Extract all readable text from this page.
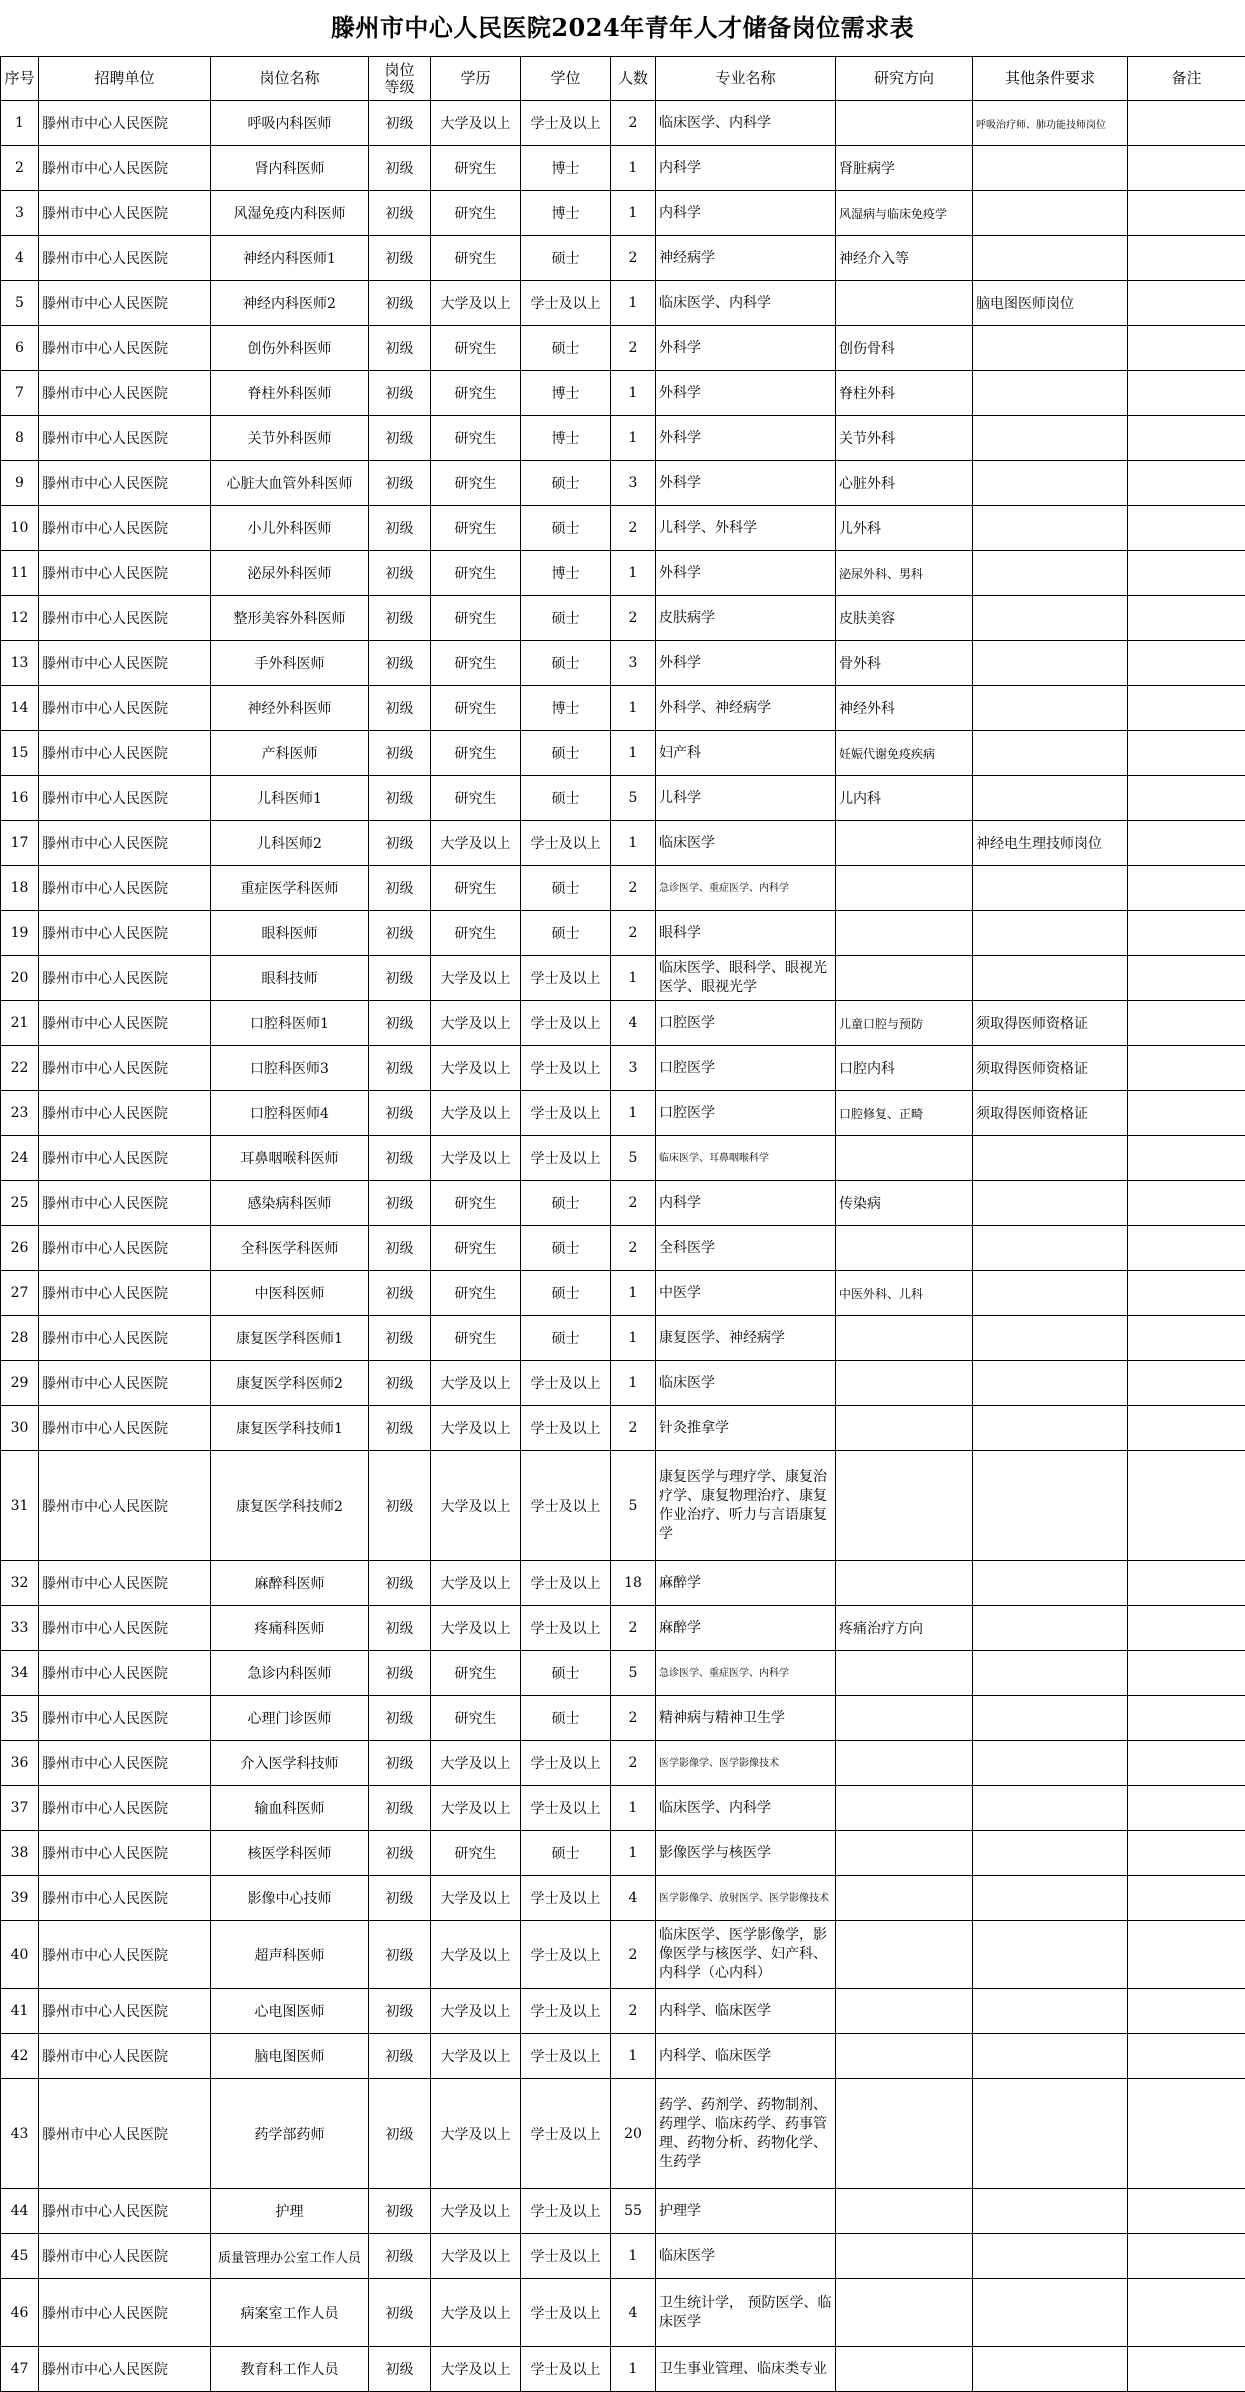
滕州市中心人民医院2024年青年人才储备岗位需求表
序号	招聘单位	岗位名称	岗位等级	学历	学位	人数	专业名称	研究方向	其他条件要求	备注
1	滕州市中心人民医院	呼吸内科医师	初级	大学及以上	学士及以上	2	临床医学、内科学		呼吸治疗师、肺功能技师岗位	
2	滕州市中心人民医院	肾内科医师	初级	研究生	博士	1	内科学	肾脏病学		
3	滕州市中心人民医院	风湿免疫内科医师	初级	研究生	博士	1	内科学	风湿病与临床免疫学		
4	滕州市中心人民医院	神经内科医师1	初级	研究生	硕士	2	神经病学	神经介入等		
5	滕州市中心人民医院	神经内科医师2	初级	大学及以上	学士及以上	1	临床医学、内科学		脑电图医师岗位	
6	滕州市中心人民医院	创伤外科医师	初级	研究生	硕士	2	外科学	创伤骨科		
7	滕州市中心人民医院	脊柱外科医师	初级	研究生	博士	1	外科学	脊柱外科		
8	滕州市中心人民医院	关节外科医师	初级	研究生	博士	1	外科学	关节外科		
9	滕州市中心人民医院	心脏大血管外科医师	初级	研究生	硕士	3	外科学	心脏外科		
10	滕州市中心人民医院	小儿外科医师	初级	研究生	硕士	2	儿科学、外科学	儿外科		
11	滕州市中心人民医院	泌尿外科医师	初级	研究生	博士	1	外科学	泌尿外科、男科		
12	滕州市中心人民医院	整形美容外科医师	初级	研究生	硕士	2	皮肤病学	皮肤美容		
13	滕州市中心人民医院	手外科医师	初级	研究生	硕士	3	外科学	骨外科		
14	滕州市中心人民医院	神经外科医师	初级	研究生	博士	1	外科学、神经病学	神经外科		
15	滕州市中心人民医院	产科医师	初级	研究生	硕士	1	妇产科	妊娠代谢免疫疾病		
16	滕州市中心人民医院	儿科医师1	初级	研究生	硕士	5	儿科学	儿内科		
17	滕州市中心人民医院	儿科医师2	初级	大学及以上	学士及以上	1	临床医学		神经电生理技师岗位	
18	滕州市中心人民医院	重症医学科医师	初级	研究生	硕士	2	急诊医学、重症医学、内科学			
19	滕州市中心人民医院	眼科医师	初级	研究生	硕士	2	眼科学			
20	滕州市中心人民医院	眼科技师	初级	大学及以上	学士及以上	1	临床医学、眼科学、眼视光医学、眼视光学			
21	滕州市中心人民医院	口腔科医师1	初级	大学及以上	学士及以上	4	口腔医学	儿童口腔与预防	须取得医师资格证	
22	滕州市中心人民医院	口腔科医师3	初级	大学及以上	学士及以上	3	口腔医学	口腔内科	须取得医师资格证	
23	滕州市中心人民医院	口腔科医师4	初级	大学及以上	学士及以上	1	口腔医学	口腔修复、正畸	须取得医师资格证	
24	滕州市中心人民医院	耳鼻咽喉科医师	初级	大学及以上	学士及以上	5	临床医学、耳鼻咽喉科学			
25	滕州市中心人民医院	感染病科医师	初级	研究生	硕士	2	内科学	传染病		
26	滕州市中心人民医院	全科医学科医师	初级	研究生	硕士	2	全科医学			
27	滕州市中心人民医院	中医科医师	初级	研究生	硕士	1	中医学	中医外科、儿科		
28	滕州市中心人民医院	康复医学科医师1	初级	研究生	硕士	1	康复医学、神经病学			
29	滕州市中心人民医院	康复医学科医师2	初级	大学及以上	学士及以上	1	临床医学			
30	滕州市中心人民医院	康复医学科技师1	初级	大学及以上	学士及以上	2	针灸推拿学			
31	滕州市中心人民医院	康复医学科技师2	初级	大学及以上	学士及以上	5	康复医学与理疗学、康复治疗学、康复物理治疗、康复作业治疗、听力与言语康复学			
32	滕州市中心人民医院	麻醉科医师	初级	大学及以上	学士及以上	18	麻醉学			
33	滕州市中心人民医院	疼痛科医师	初级	大学及以上	学士及以上	2	麻醉学	疼痛治疗方向		
34	滕州市中心人民医院	急诊内科医师	初级	研究生	硕士	5	急诊医学、重症医学、内科学			
35	滕州市中心人民医院	心理门诊医师	初级	研究生	硕士	2	精神病与精神卫生学			
36	滕州市中心人民医院	介入医学科技师	初级	大学及以上	学士及以上	2	医学影像学、医学影像技术			
37	滕州市中心人民医院	输血科医师	初级	大学及以上	学士及以上	1	临床医学、内科学			
38	滕州市中心人民医院	核医学科医师	初级	研究生	硕士	1	影像医学与核医学			
39	滕州市中心人民医院	影像中心技师	初级	大学及以上	学士及以上	4	医学影像学、放射医学、医学影像技术			
40	滕州市中心人民医院	超声科医师	初级	大学及以上	学士及以上	2	临床医学、医学影像学，影像医学与核医学、妇产科、内科学（心内科）			
41	滕州市中心人民医院	心电图医师	初级	大学及以上	学士及以上	2	内科学、临床医学			
42	滕州市中心人民医院	脑电图医师	初级	大学及以上	学士及以上	1	内科学、临床医学			
43	滕州市中心人民医院	药学部药师	初级	大学及以上	学士及以上	20	药学、药剂学、药物制剂、药理学、临床药学、药事管理、药物分析、药物化学、生药学			
44	滕州市中心人民医院	护理	初级	大学及以上	学士及以上	55	护理学			
45	滕州市中心人民医院	质量管理办公室工作人员	初级	大学及以上	学士及以上	1	临床医学			
46	滕州市中心人民医院	病案室工作人员	初级	大学及以上	学士及以上	4	卫生统计学， 预防医学、临床医学			
47	滕州市中心人民医院	教育科工作人员	初级	大学及以上	学士及以上	1	卫生事业管理、临床类专业			
